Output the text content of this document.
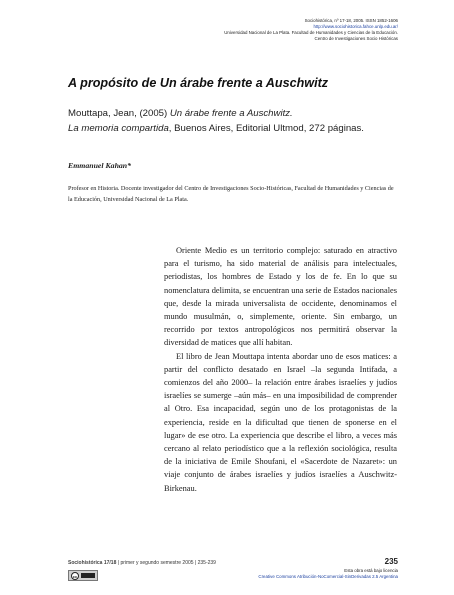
Sociohistórica, nº 17-18, 2005. ISSN 1852-1606
http://www.sociohistorica.fahce.unlp.edu.ar/
Universidad Nacional de La Plata. Facultad de Humanidades y Ciencias de la Educación.
Centro de Investigaciones Socio Históricas
A propósito de Un árabe frente a Auschwitz
Mouttapa, Jean, (2005) Un árabe frente a Auschwitz.
La memoria compartida, Buenos Aires, Editorial Ultmod, 272 páginas.
Emmanuel Kahan*
Profesor en Historia. Docente investigador del Centro de Investigaciones Socio-Históricas, Facultad de Humanidades y Ciencias de la Educación, Universidad Nacional de La Plata.

Oriente Medio es un territorio complejo: saturado en atractivo para el turismo, ha sido material de análisis para intelectuales, periodistas, los hombres de Estado y los de fe. En lo que su nomenclatura delimita, se encuentran una serie de Estados nacionales que, desde la mirada universalista de occidente, denominamos el mundo musulmán, o, simplemente, oriente. Sin embargo, un recorrido por textos antropológicos nos permitirá observar la diversidad de matices que allí habitan.

El libro de Jean Mouttapa intenta abordar uno de esos matices: a partir del conflicto desatado en Israel –la segunda Intifada, a comienzos del año 2000– la relación entre árabes israelíes y judíos israelíes se sumerge –aún más– en una imposibilidad de comprender al Otro. Esa incapacidad, según uno de los protagonistas de la experiencia, reside en la dificultad que tienen de sponerse en el lugar» de ese otro. La experiencia que describe el libro, a veces más cercano al relato periodístico que a la reflexión sociológica, resulta de la iniciativa de Emile Shoufani, el «Sacerdote de Nazaret»: un viaje conjunto de árabes israelíes y judíos israelíes a Auschwitz-Birkenau.

Sociohistórica 17/18 | primer y segundo semestre 2005 | 235-239
cc
235
Esta obra está bajo licencia
Creative Commons Atribución-NoComercial-SinDerivadas 2.5 Argentina
